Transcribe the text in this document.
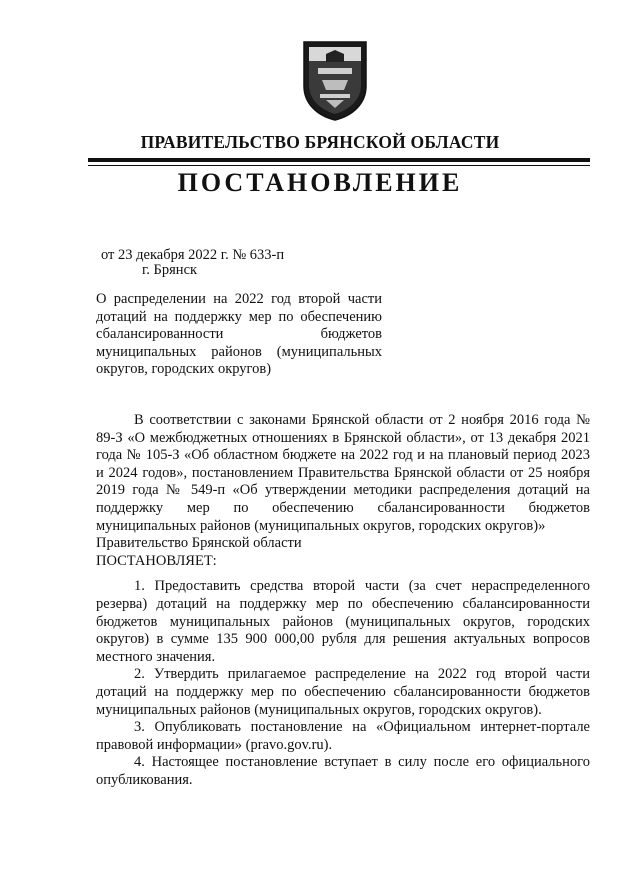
ПРАВИТЕЛЬСТВО БРЯНСКОЙ ОБЛАСТИ
ПОСТАНОВЛЕНИЕ
от 23 декабря 2022 г. № 633-п
г. Брянск

О распределении на 2022 год второй части дотаций на поддержку мер по обеспечению сбалансированности бюджетов муниципальных районов (муниципальных округов, городских округов)

В соответствии с законами Брянской области от 2 ноября 2016 года № 89-З «О межбюджетных отношениях в Брянской области», от 13 декабря 2021 года № 105-З «Об областном бюджете на 2022 год и на плановый период 2023 и 2024 годов», постановлением Правительства Брянской области от 25 ноября 2019 года № 549-п «Об утверждении методики распределения дотаций на поддержку мер по обеспечению сбалансированности бюджетов муниципальных районов (муниципальных округов, городских округов)»

Правительство Брянской области

ПОСТАНОВЛЯЕТ:

1. Предоставить средства второй части (за счет нераспределенного резерва) дотаций на поддержку мер по обеспечению сбалансированности бюджетов муниципальных районов (муниципальных округов, городских округов) в сумме 135 900 000,00 рубля для решения актуальных вопросов местного значения.

2. Утвердить прилагаемое распределение на 2022 год второй части дотаций на поддержку мер по обеспечению сбалансированности бюджетов муниципальных районов (муниципальных округов, городских округов).

3. Опубликовать постановление на «Официальном интернет-портале правовой информации» (pravo.gov.ru).

4. Настоящее постановление вступает в силу после его официального опубликования.
